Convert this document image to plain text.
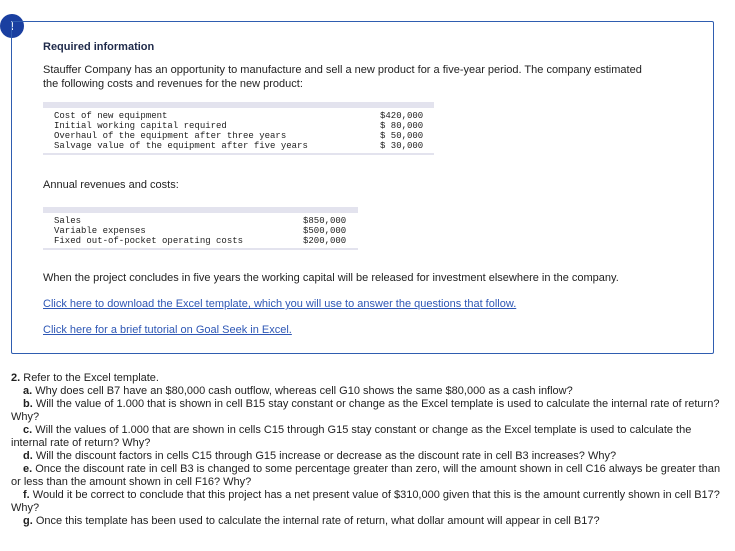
!
Required information
Stauffer Company has an opportunity to manufacture and sell a new product for a five-year period. The company estimated the following costs and revenues for the new product:
Cost of new equipment	$420,000
Initial working capital required	$ 80,000
Overhaul of the equipment after three years	$ 50,000
Salvage value of the equipment after five years	$ 30,000
Annual revenues and costs:
Sales	$850,000
Variable expenses	$500,000
Fixed out-of-pocket operating costs	$200,000
When the project concludes in five years the working capital will be released for investment elsewhere in the company.
Click here to download the Excel template, which you will use to answer the questions that follow.
Click here for a brief tutorial on Goal Seek in Excel.

2. Refer to the Excel template.

a. Why does cell B7 have an $80,000 cash outflow, whereas cell G10 shows the same $80,000 as a cash inflow?

b. Will the value of 1.000 that is shown in cell B15 stay constant or change as the Excel template is used to calculate the internal rate of return? Why?

c. Will the values of 1.000 that are shown in cells C15 through G15 stay constant or change as the Excel template is used to calculate the internal rate of return? Why?

d. Will the discount factors in cells C15 through G15 increase or decrease as the discount rate in cell B3 increases? Why?

e. Once the discount rate in cell B3 is changed to some percentage greater than zero, will the amount shown in cell C16 always be greater than or less than the amount shown in cell F16? Why?

f. Would it be correct to conclude that this project has a net present value of $310,000 given that this is the amount currently shown in cell B17? Why?

g. Once this template has been used to calculate the internal rate of return, what dollar amount will appear in cell B17?
